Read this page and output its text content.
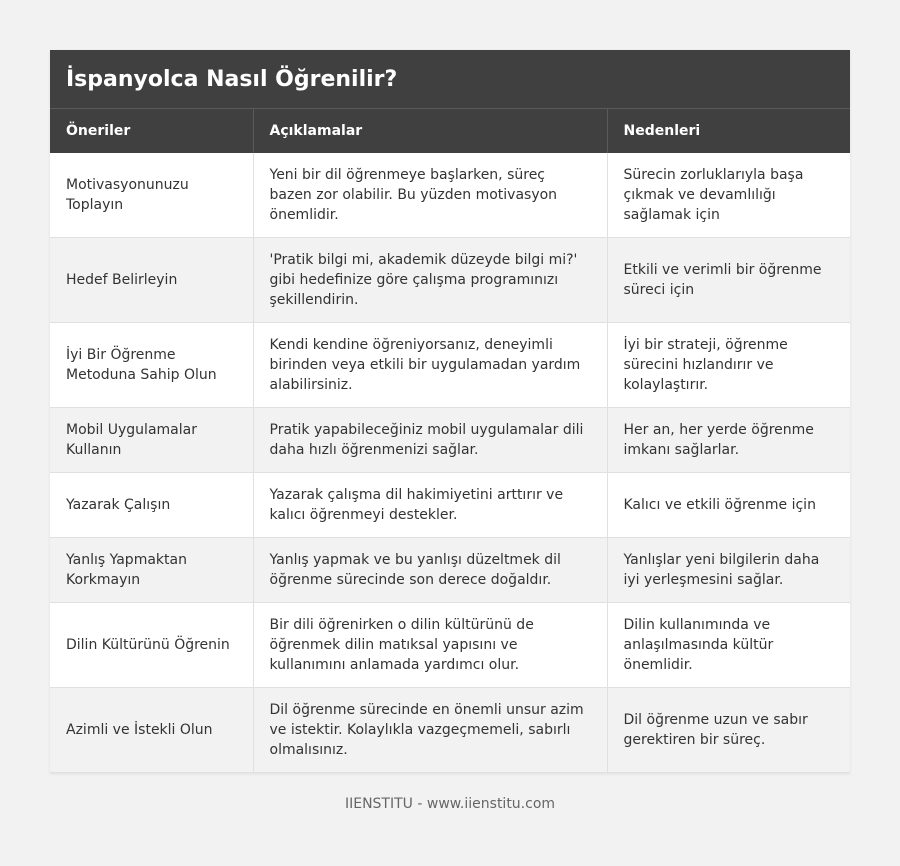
İspanyolca Nasıl Öğrenilir?
Öneriler	Açıklamalar	Nedenleri
Motivasyonunuzu Toplayın	Yeni bir dil öğrenmeye başlarken, süreç bazen zor olabilir. Bu yüzden motivasyon önemlidir.	Sürecin zorluklarıyla başa çıkmak ve devamlılığı sağlamak için
Hedef Belirleyin	'Pratik bilgi mi, akademik düzeyde bilgi mi?' gibi hedefinize göre çalışma programınızı şekillendirin.	Etkili ve verimli bir öğrenme süreci için
İyi Bir Öğrenme Metoduna Sahip Olun	Kendi kendine öğreniyorsanız, deneyimli birinden veya etkili bir uygulamadan yardım alabilirsiniz.	İyi bir strateji, öğrenme sürecini hızlandırır ve kolaylaştırır.
Mobil Uygulamalar Kullanın	Pratik yapabileceğiniz mobil uygulamalar dili daha hızlı öğrenmenizi sağlar.	Her an, her yerde öğrenme imkanı sağlarlar.
Yazarak Çalışın	Yazarak çalışma dil hakimiyetini arttırır ve kalıcı öğrenmeyi destekler.	Kalıcı ve etkili öğrenme için
Yanlış Yapmaktan Korkmayın	Yanlış yapmak ve bu yanlışı düzeltmek dil öğrenme sürecinde son derece doğaldır.	Yanlışlar yeni bilgilerin daha iyi yerleşmesini sağlar.
Dilin Kültürünü Öğrenin	Bir dili öğrenirken o dilin kültürünü de öğrenmek dilin matıksal yapısını ve kullanımını anlamada yardımcı olur.	Dilin kullanımında ve anlaşılmasında kültür önemlidir.
Azimli ve İstekli Olun	Dil öğrenme sürecinde en önemli unsur azim ve istektir. Kolaylıkla vazgeçmemeli, sabırlı olmalısınız.	Dil öğrenme uzun ve sabır gerektiren bir süreç.
IIENSTITU - www.iienstitu.com
